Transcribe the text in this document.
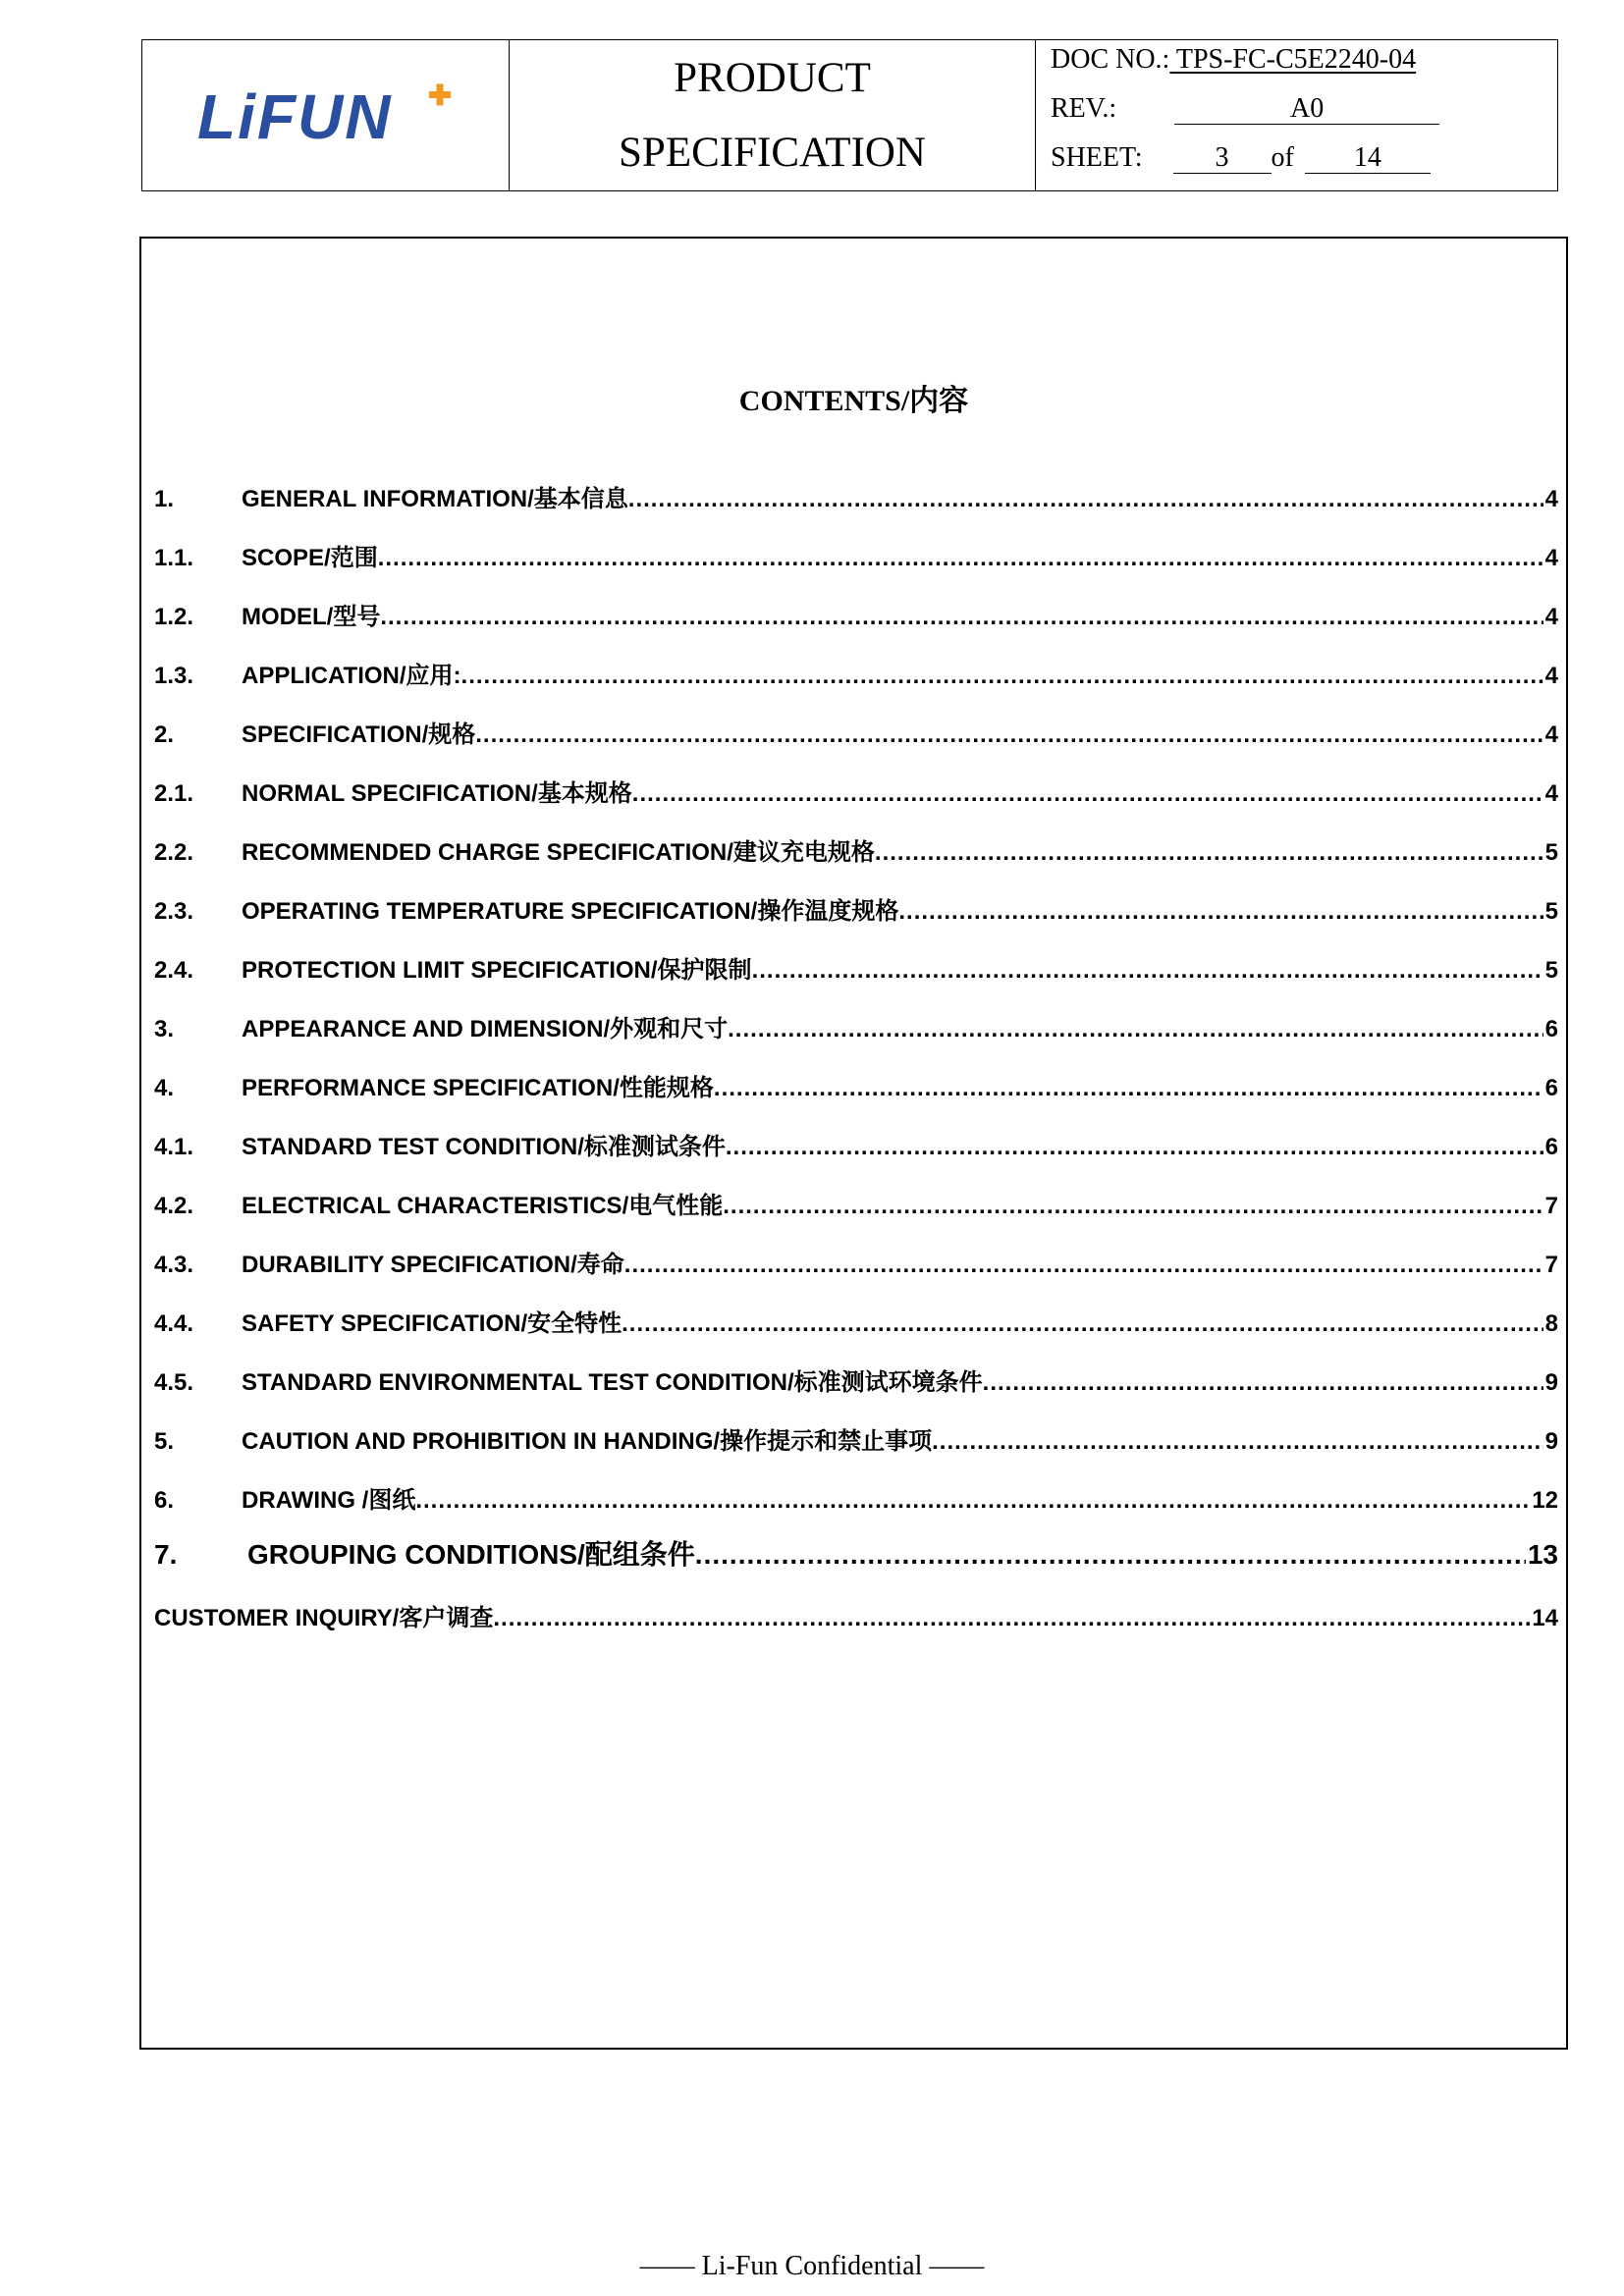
LiFUN
PRODUCT
SPECIFICATION
DOC NO.: TPS-FC-C5E2240-04
REV.:	A0
SHEET:	3 of 14
CONTENTS/内容
1.	GENERAL INFORMATION/基本信息 .....	4
1.1.	SCOPE/范围 .....	4
1.2.	MODEL/型号 .....	4
1.3.	APPLICATION/应用: .....	4
2.	SPECIFICATION/规格 .....	4
2.1.	NORMAL SPECIFICATION/基本规格 .....	4
2.2.	RECOMMENDED CHARGE SPECIFICATION/建议充电规格 .....	5
2.3.	OPERATING TEMPERATURE SPECIFICATION/操作温度规格 .....	5
2.4.	PROTECTION LIMIT SPECIFICATION/保护限制 .....	5
3.	APPEARANCE AND DIMENSION/外观和尺寸 .....	6
4.	PERFORMANCE SPECIFICATION/性能规格 .....	6
4.1.	STANDARD TEST CONDITION/标准测试条件 .....	6
4.2.	ELECTRICAL CHARACTERISTICS/电气性能 .....	7
4.3.	DURABILITY SPECIFICATION/寿命 .....	7
4.4.	SAFETY SPECIFICATION/安全特性 .....	8
4.5.	STANDARD ENVIRONMENTAL TEST CONDITION/标准测试环境条件 .....	9
5.	CAUTION AND PROHIBITION IN HANDING/操作提示和禁止事项 .....	9
6.	DRAWING /图纸 .....	12
7.	GROUPING CONDITIONS/配组条件 .....	13
CUSTOMER INQUIRY/客户调查 .....	14
—— Li-Fun Confidential ——
